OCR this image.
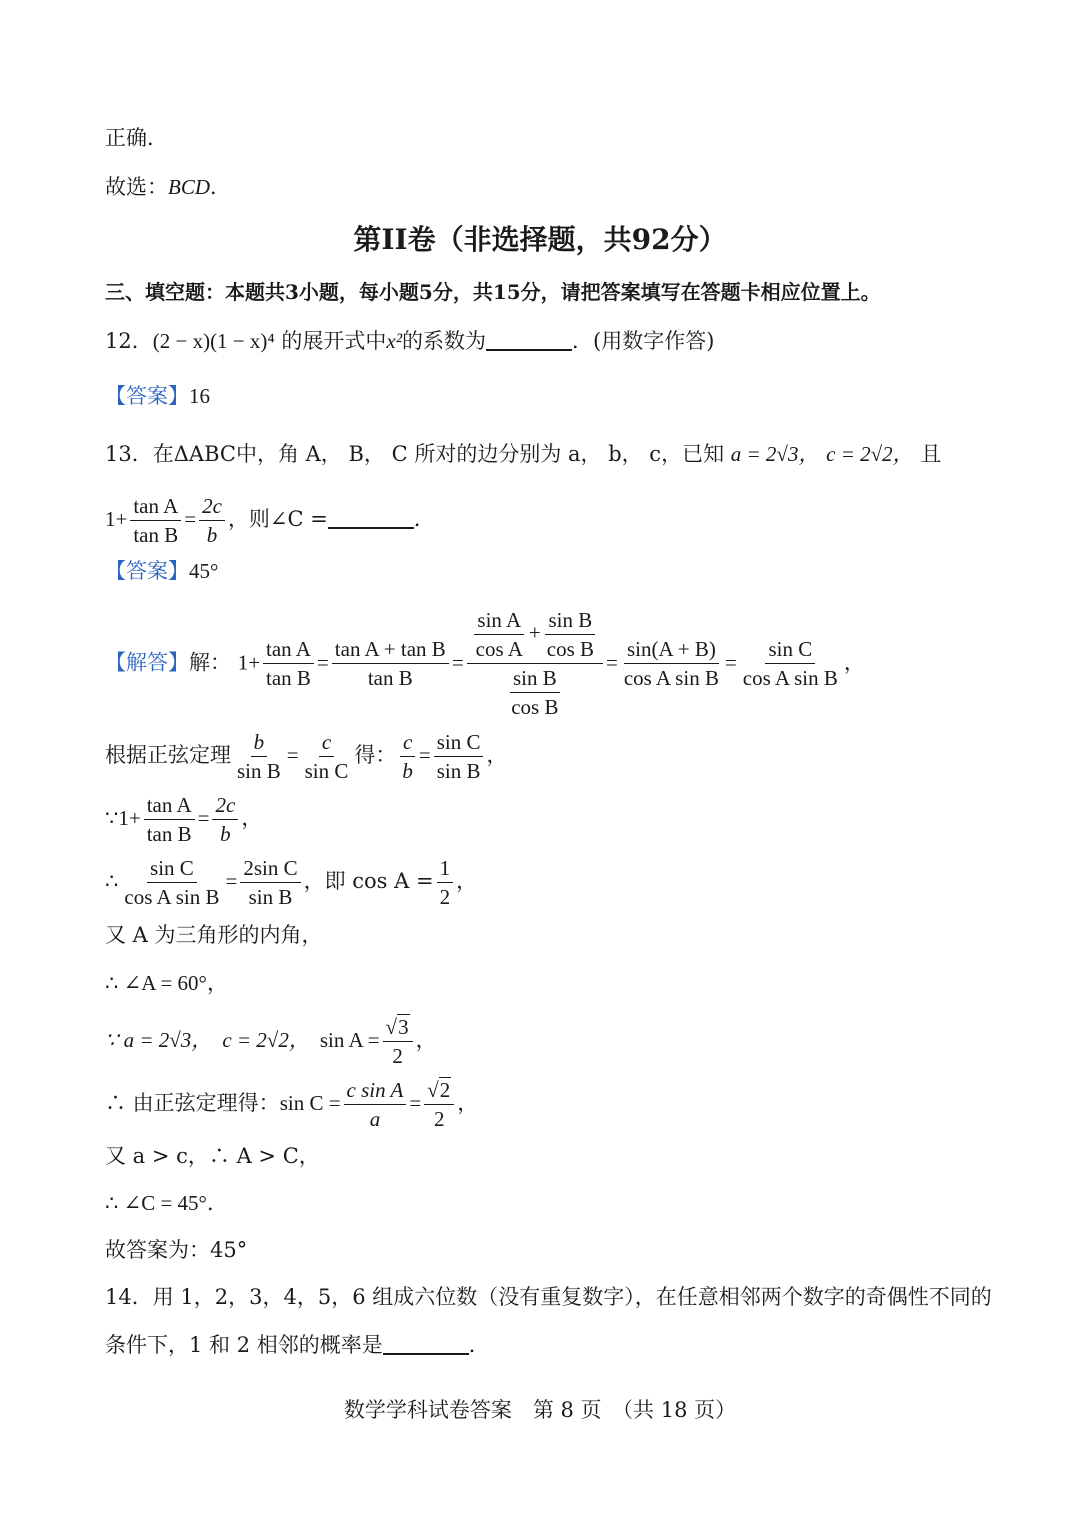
正确．
故选：BCD．
第II卷（非选择题，共92分）
三、填空题：本题共3小题，每小题5分，共15分，请把答案填写在答题卡相应位置上。
12．(2 − x)(1 − x)⁴ 的展开式中x²的系数为	．(用数字作答)
【答案】16
13．在ΔABC中，角 A， B， C 所对的边分别为 a， b， c，已知 a = 2√3， c = 2√2， 且
$1+ \frac{\text{tan A}}{\text{tan B}} = \frac{2c}{b}$ ，则∠C =	．
【答案】45°
【解答】解： $1+ \frac{\text{tan A}}{\text{tan B}} = \frac{\text{tan A + tan B}}{\text{tan B}} = \frac{\frac{\text{sin A}}{\text{cos A}} + \frac{\text{sin B}}{\text{cos B}}}{\frac{\text{sin B}}{\text{cos B}}} = \frac{\sin(A + B)}{\text{cos A sin B}} = \frac{\text{sin C}}{\text{cos A sin B}}$ ，
根据正弦定理 $\frac{b}{\text{sin B}} = \frac{c}{\text{sin C}}$ 得： $\frac{c}{b} = \frac{\text{sin C}}{\text{sin B}}$ ，
∵1+ $\frac{\text{tan A}}{\text{tan B}} = \frac{2c}{b}$ ，
∴ $\frac{\text{sin C}}{\text{cos A sin B}} = \frac{\text{2sin C}}{\text{sin B}}$ ，即 $\cos A = \frac{1}{2}$ ，
又 A 为三角形的内角，
∴ ∠A = 60°，
∵ a = 2√3， c = 2√2， $\sin A = \frac{√3}{2}$ ，
∴ 由正弦定理得：$\sin C = \frac{\text{c sin A}}{a} = \frac{√2}{2}$ ，
又 a > c，∴ A > C，
∴ ∠C = 45°．
故答案为：45°
14．用 1，2，3，4，5，6 组成六位数（没有重复数字），在任意相邻两个数字的奇偶性不同的
条件下，1 和 2 相邻的概率是	．
数学学科试卷答案　第 8 页　（共 18 页）
